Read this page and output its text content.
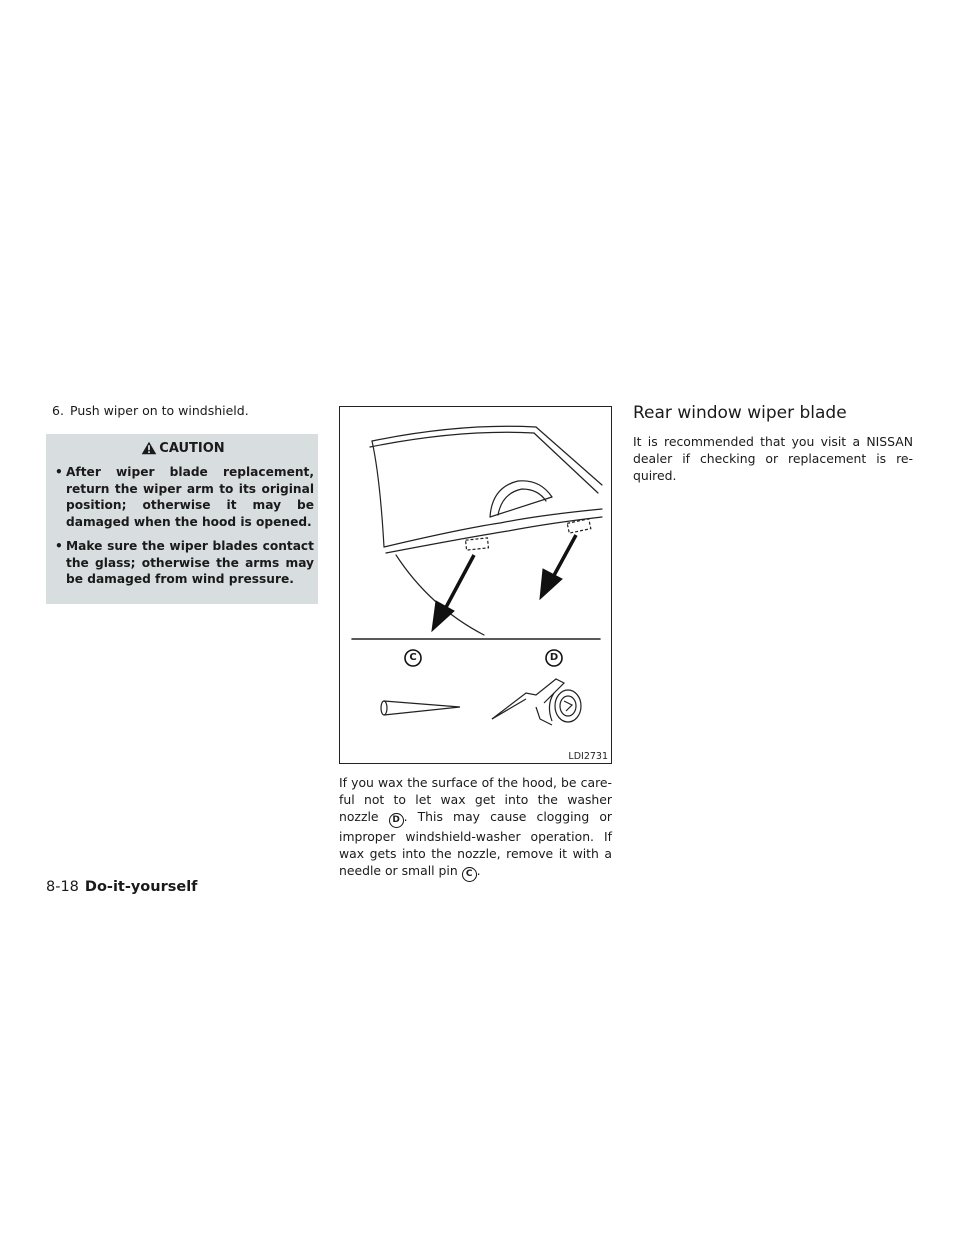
6. Push wiper on to windshield.

CAUTION
• After wiper blade replacement, return the wiper arm to its original position; otherwise it may be damaged when the hood is opened.
• Make sure the wiper blades contact the glass; otherwise the arms may be damaged from wind pressure.
C	D
LDI2731

If you wax the surface of the hood, be care-ful not to let wax get into the washer nozzle D . This may cause clogging or improper windshield-washer operation. If wax gets into the nozzle, remove it with a needle or small pin C .

Rear window wiper blade

It is recommended that you visit a NISSAN dealer if checking or replacement is re-quired.

8-18 Do-it-yourself
